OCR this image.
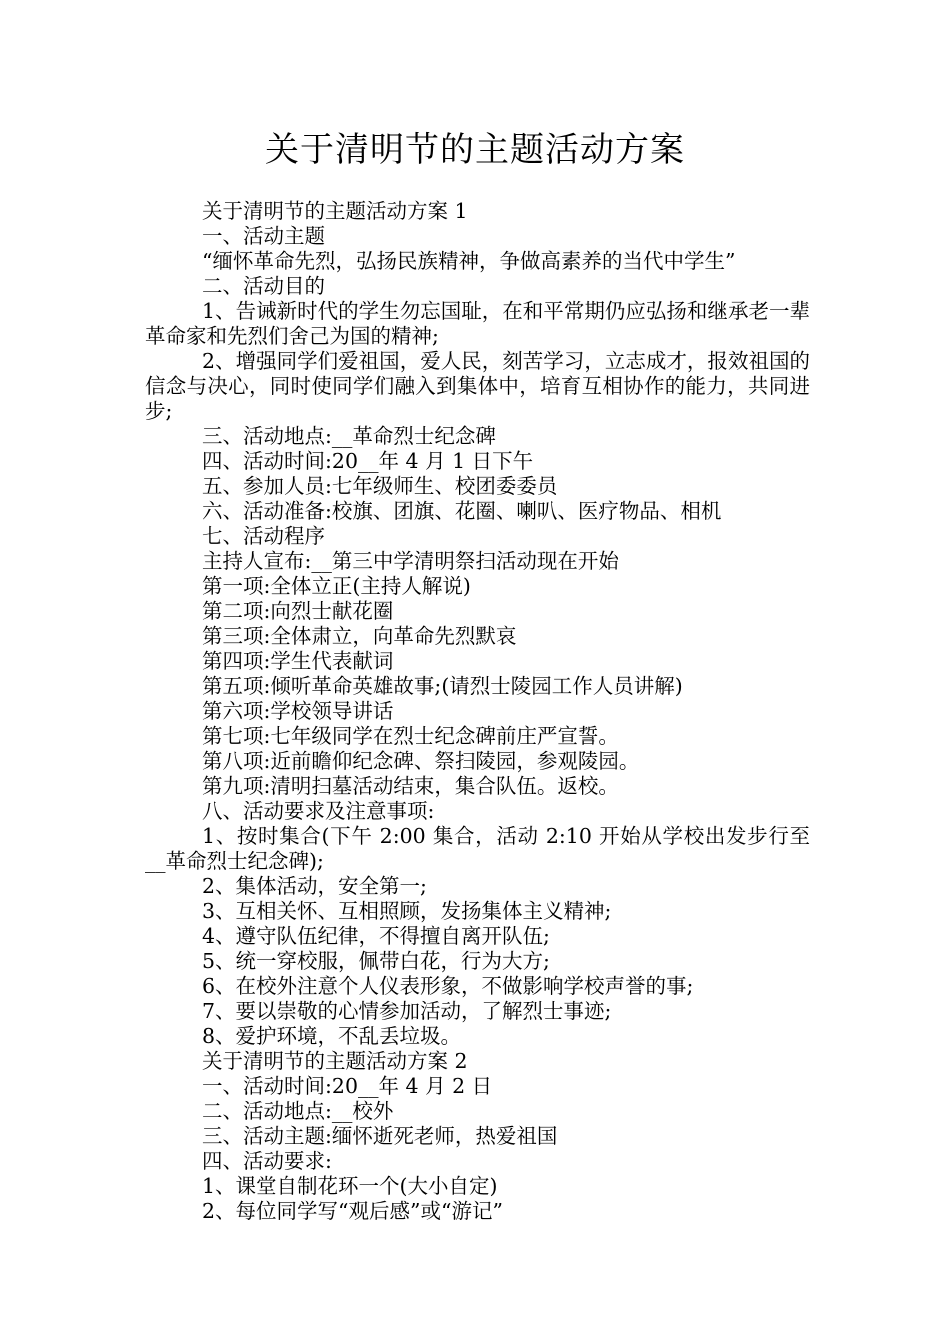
关于清明节的主题活动方案

关于清明节的主题活动方案 1

一、活动主题

“缅怀革命先烈，弘扬民族精神，争做高素养的当代中学生”

二、活动目的

1、告诫新时代的学生勿忘国耻，在和平常期仍应弘扬和继承老一辈革命家和先烈们舍己为国的精神;

2、增强同学们爱祖国，爱人民，刻苦学习，立志成才，报效祖国的信念与决心，同时使同学们融入到集体中，培育互相协作的能力，共同进步;

三、活动地点:__革命烈士纪念碑

四、活动时间:20__年 4 月 1 日下午

五、参加人员:七年级师生、校团委委员

六、活动准备:校旗、团旗、花圈、喇叭、医疗物品、相机

七、活动程序

主持人宣布:__第三中学清明祭扫活动现在开始

第一项:全体立正(主持人解说)

第二项:向烈士献花圈

第三项:全体肃立，向革命先烈默哀

第四项:学生代表献词

第五项:倾听革命英雄故事;(请烈士陵园工作人员讲解)

第六项:学校领导讲话

第七项:七年级同学在烈士纪念碑前庄严宣誓。

第八项:近前瞻仰纪念碑、祭扫陵园，参观陵园。

第九项:清明扫墓活动结束，集合队伍。返校。

八、活动要求及注意事项:

1、按时集合(下午 2:00 集合，活动 2:10 开始从学校出发步行至__革命烈士纪念碑);

2、集体活动，安全第一;

3、互相关怀、互相照顾，发扬集体主义精神;

4、遵守队伍纪律，不得擅自离开队伍;

5、统一穿校服，佩带白花，行为大方;

6、在校外注意个人仪表形象，不做影响学校声誉的事;

7、要以崇敬的心情参加活动，了解烈士事迹;

8、爱护环境，不乱丢垃圾。

关于清明节的主题活动方案 2

一、活动时间:20__年 4 月 2 日

二、活动地点:__校外

三、活动主题:缅怀逝死老师，热爱祖国

四、活动要求:

1、课堂自制花环一个(大小自定)

2、每位同学写“观后感”或“游记”
